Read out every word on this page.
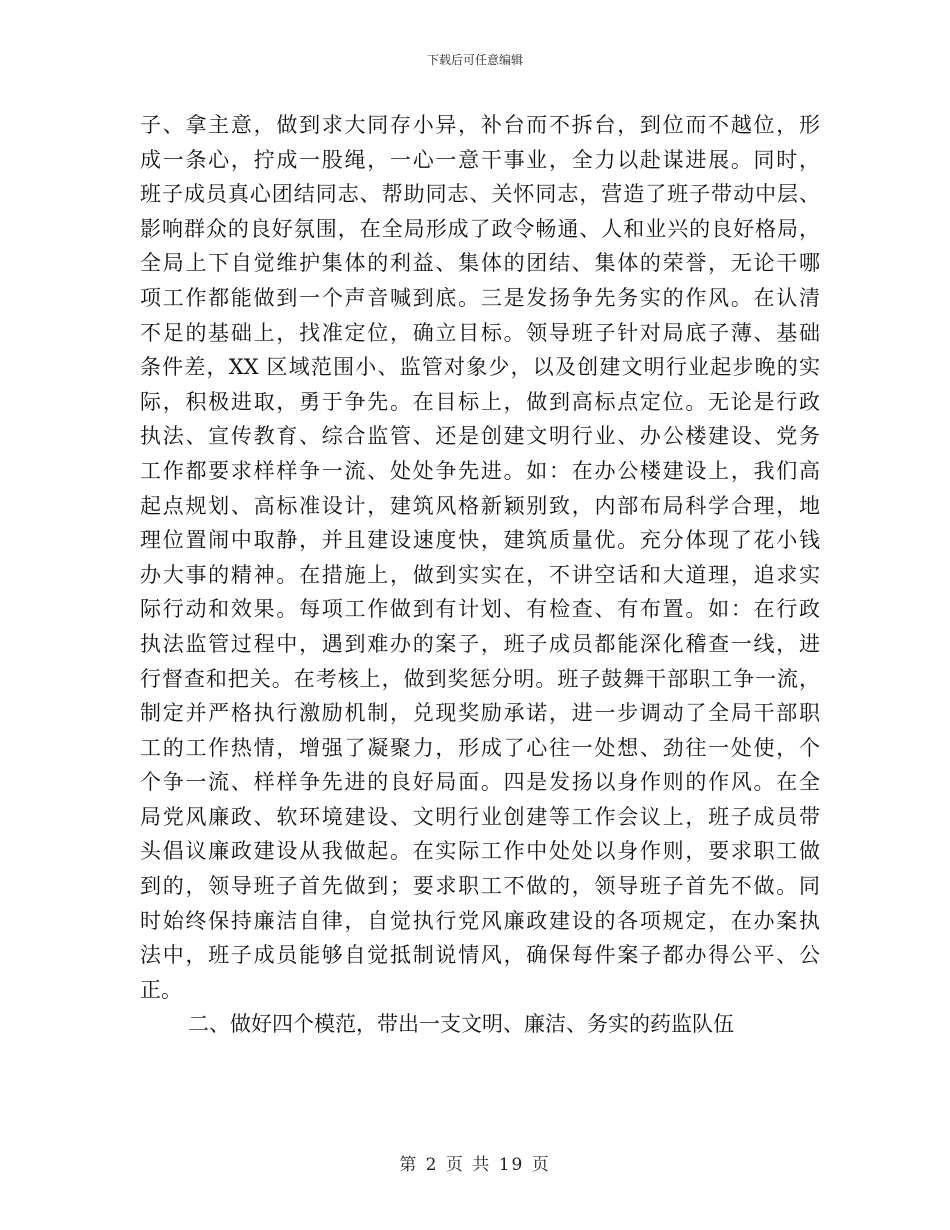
下载后可任意编辑
子、拿主意，做到求大同存小异，补台而不拆台，到位而不越位，形
成一条心，拧成一股绳，一心一意干事业，全力以赴谋进展。同时，
班子成员真心团结同志、帮助同志、关怀同志，营造了班子带动中层、
影响群众的良好氛围，在全局形成了政令畅通、人和业兴的良好格局，
全局上下自觉维护集体的利益、集体的团结、集体的荣誉，无论干哪
项工作都能做到一个声音喊到底。三是发扬争先务实的作风。在认清
不足的基础上，找准定位，确立目标。领导班子针对局底子薄、基础
条件差，XX 区域范围小、监管对象少，以及创建文明行业起步晚的实
际，积极进取，勇于争先。在目标上，做到高标点定位。无论是行政
执法、宣传教育、综合监管、还是创建文明行业、办公楼建设、党务
工作都要求样样争一流、处处争先进。如：在办公楼建设上，我们高
起点规划、高标准设计，建筑风格新颖别致，内部布局科学合理，地
理位置闹中取静，并且建设速度快，建筑质量优。充分体现了花小钱
办大事的精神。在措施上，做到实实在，不讲空话和大道理，追求实
际行动和效果。每项工作做到有计划、有检查、有布置。如：在行政
执法监管过程中，遇到难办的案子，班子成员都能深化稽查一线，进
行督查和把关。在考核上，做到奖惩分明。班子鼓舞干部职工争一流，
制定并严格执行激励机制，兑现奖励承诺，进一步调动了全局干部职
工的工作热情，增强了凝聚力，形成了心往一处想、劲往一处使，个
个争一流、样样争先进的良好局面。四是发扬以身作则的作风。在全
局党风廉政、软环境建设、文明行业创建等工作会议上，班子成员带
头倡议廉政建设从我做起。在实际工作中处处以身作则，要求职工做
到的，领导班子首先做到；要求职工不做的，领导班子首先不做。同
时始终保持廉洁自律，自觉执行党风廉政建设的各项规定，在办案执
法中，班子成员能够自觉抵制说情风，确保每件案子都办得公平、公
正。
二、做好四个模范，带出一支文明、廉洁、务实的药监队伍
第 2 页 共 19 页
